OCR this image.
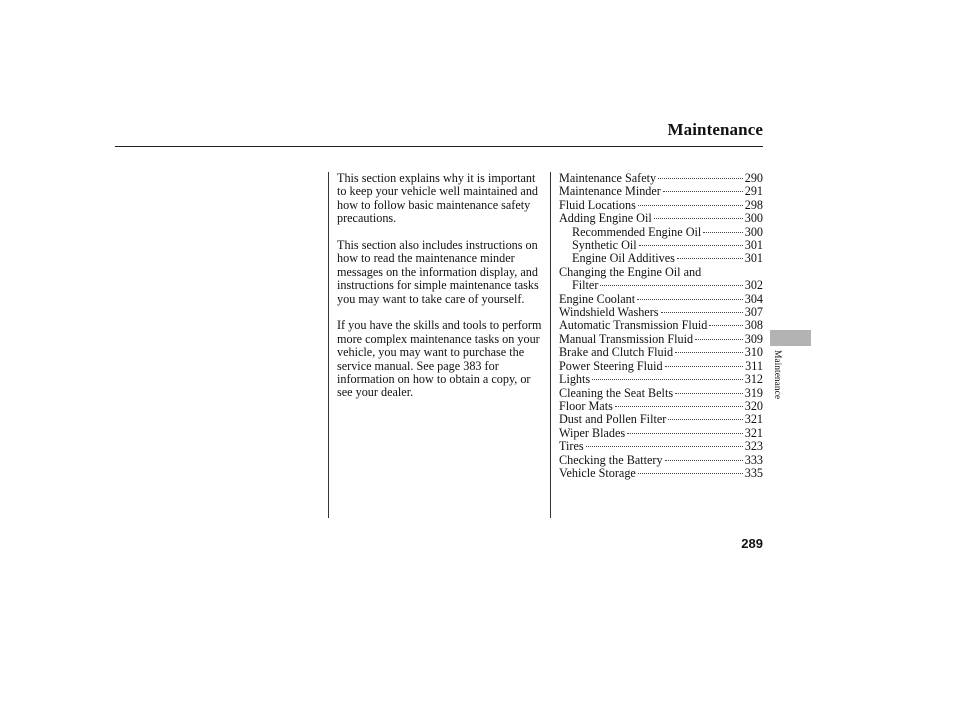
Maintenance

This section explains why it is important to keep your vehicle well maintained and how to follow basic maintenance safety precautions.

This section also includes instructions on how to read the maintenance minder messages on the information display, and instructions for simple maintenance tasks you may want to take care of yourself.

If you have the skills and tools to perform more complex maintenance tasks on your vehicle, you may want to purchase the service manual. See page 383 for information on how to obtain a copy, or see your dealer.

Maintenance Safety	290
Maintenance Minder	291
Fluid Locations	298
Adding Engine Oil	300
Recommended Engine Oil	300
Synthetic Oil	301
Engine Oil Additives	301
Changing the Engine Oil and
Filter	302
Engine Coolant	304
Windshield Washers	307
Automatic Transmission Fluid	308
Manual Transmission Fluid	309
Brake and Clutch Fluid	310
Power Steering Fluid	311
Lights	312
Cleaning the Seat Belts	319
Floor Mats	320
Dust and Pollen Filter	321
Wiper Blades	321
Tires	323
Checking the Battery	333
Vehicle Storage	335
Maintenance
289
